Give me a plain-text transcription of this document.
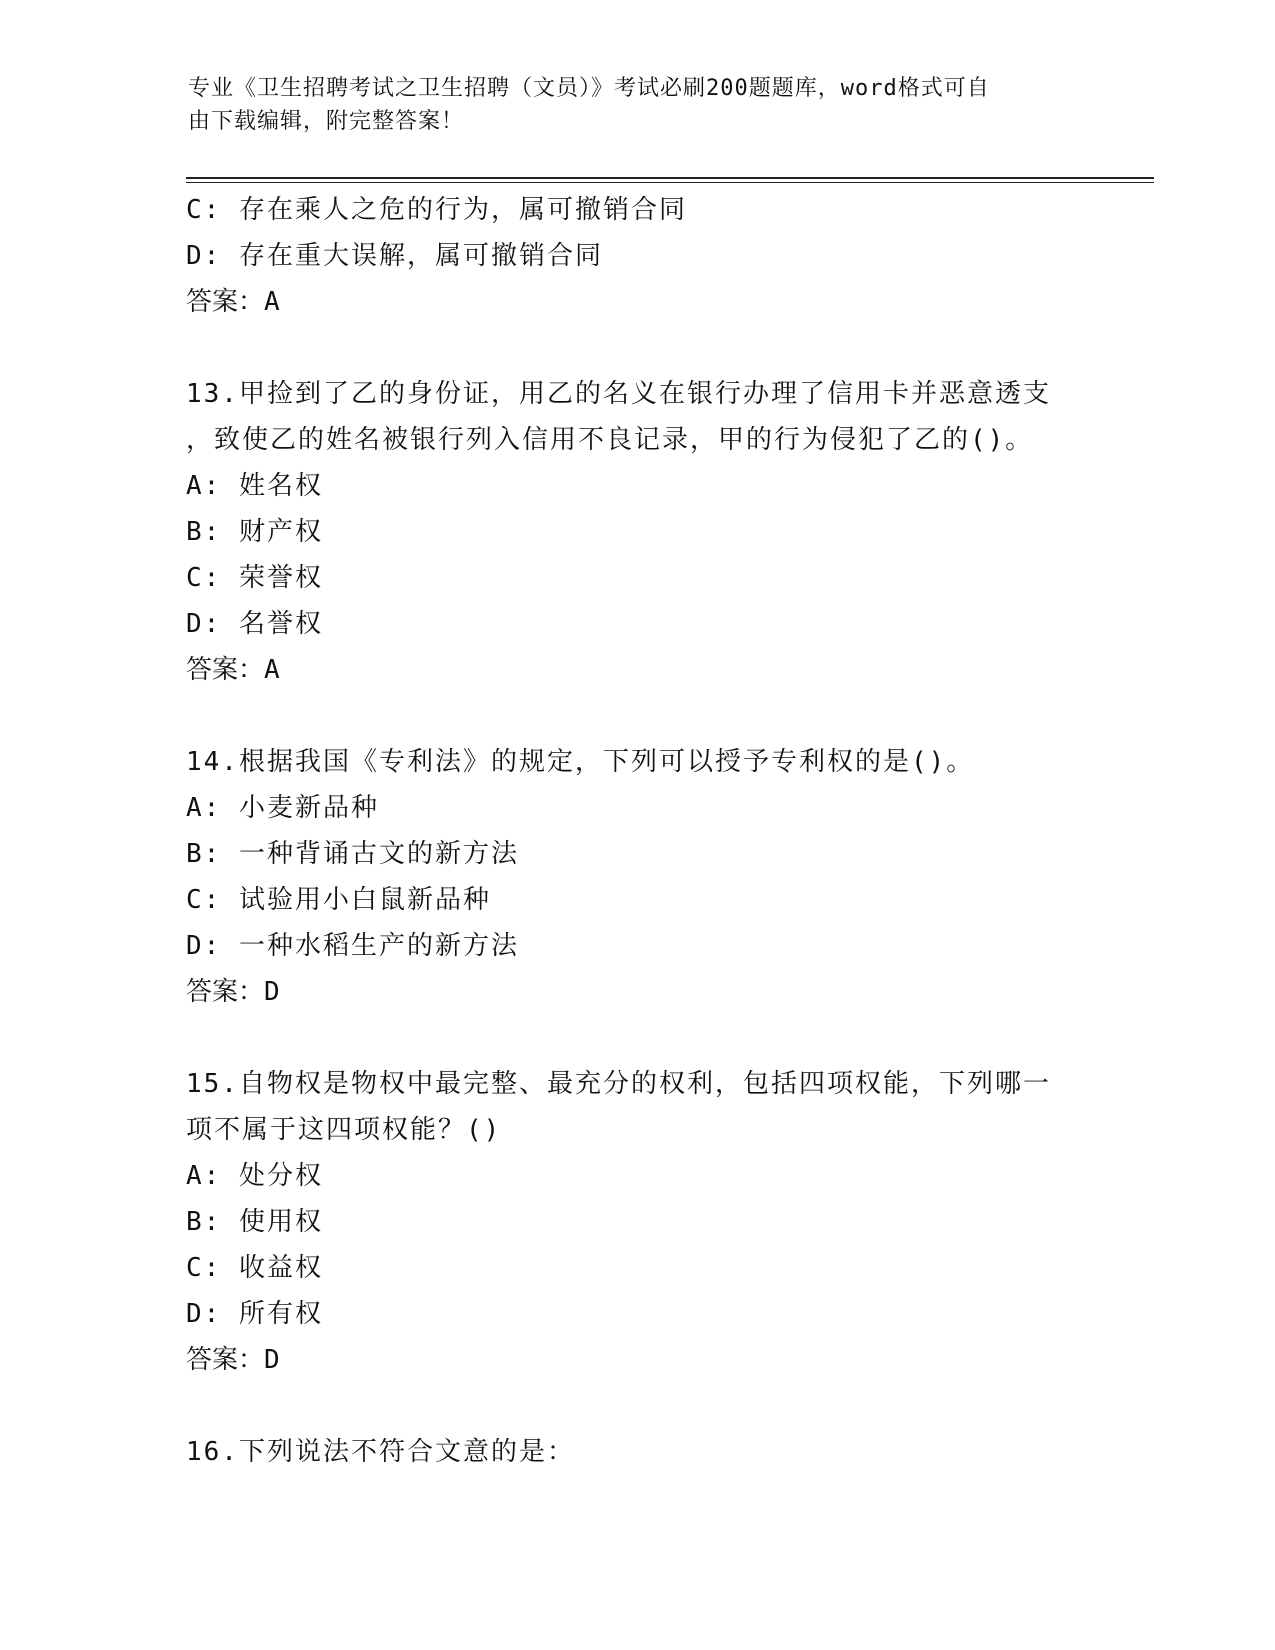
专业《卫生招聘考试之卫生招聘（文员）》考试必刷200题题库，word格式可自
由下载编辑，附完整答案！
C: 存在乘人之危的行为，属可撤销合同
D: 存在重大误解，属可撤销合同
答案：A
13.甲捡到了乙的身份证，用乙的名义在银行办理了信用卡并恶意透支
，致使乙的姓名被银行列入信用不良记录，甲的行为侵犯了乙的()。
A: 姓名权
B: 财产权
C: 荣誉权
D: 名誉权
答案：A
14.根据我国《专利法》的规定，下列可以授予专利权的是()。
A: 小麦新品种
B: 一种背诵古文的新方法
C: 试验用小白鼠新品种
D: 一种水稻生产的新方法
答案：D
15.自物权是物权中最完整、最充分的权利，包括四项权能，下列哪一
项不属于这四项权能？()
A: 处分权
B: 使用权
C: 收益权
D: 所有权
答案：D
16.下列说法不符合文意的是：
